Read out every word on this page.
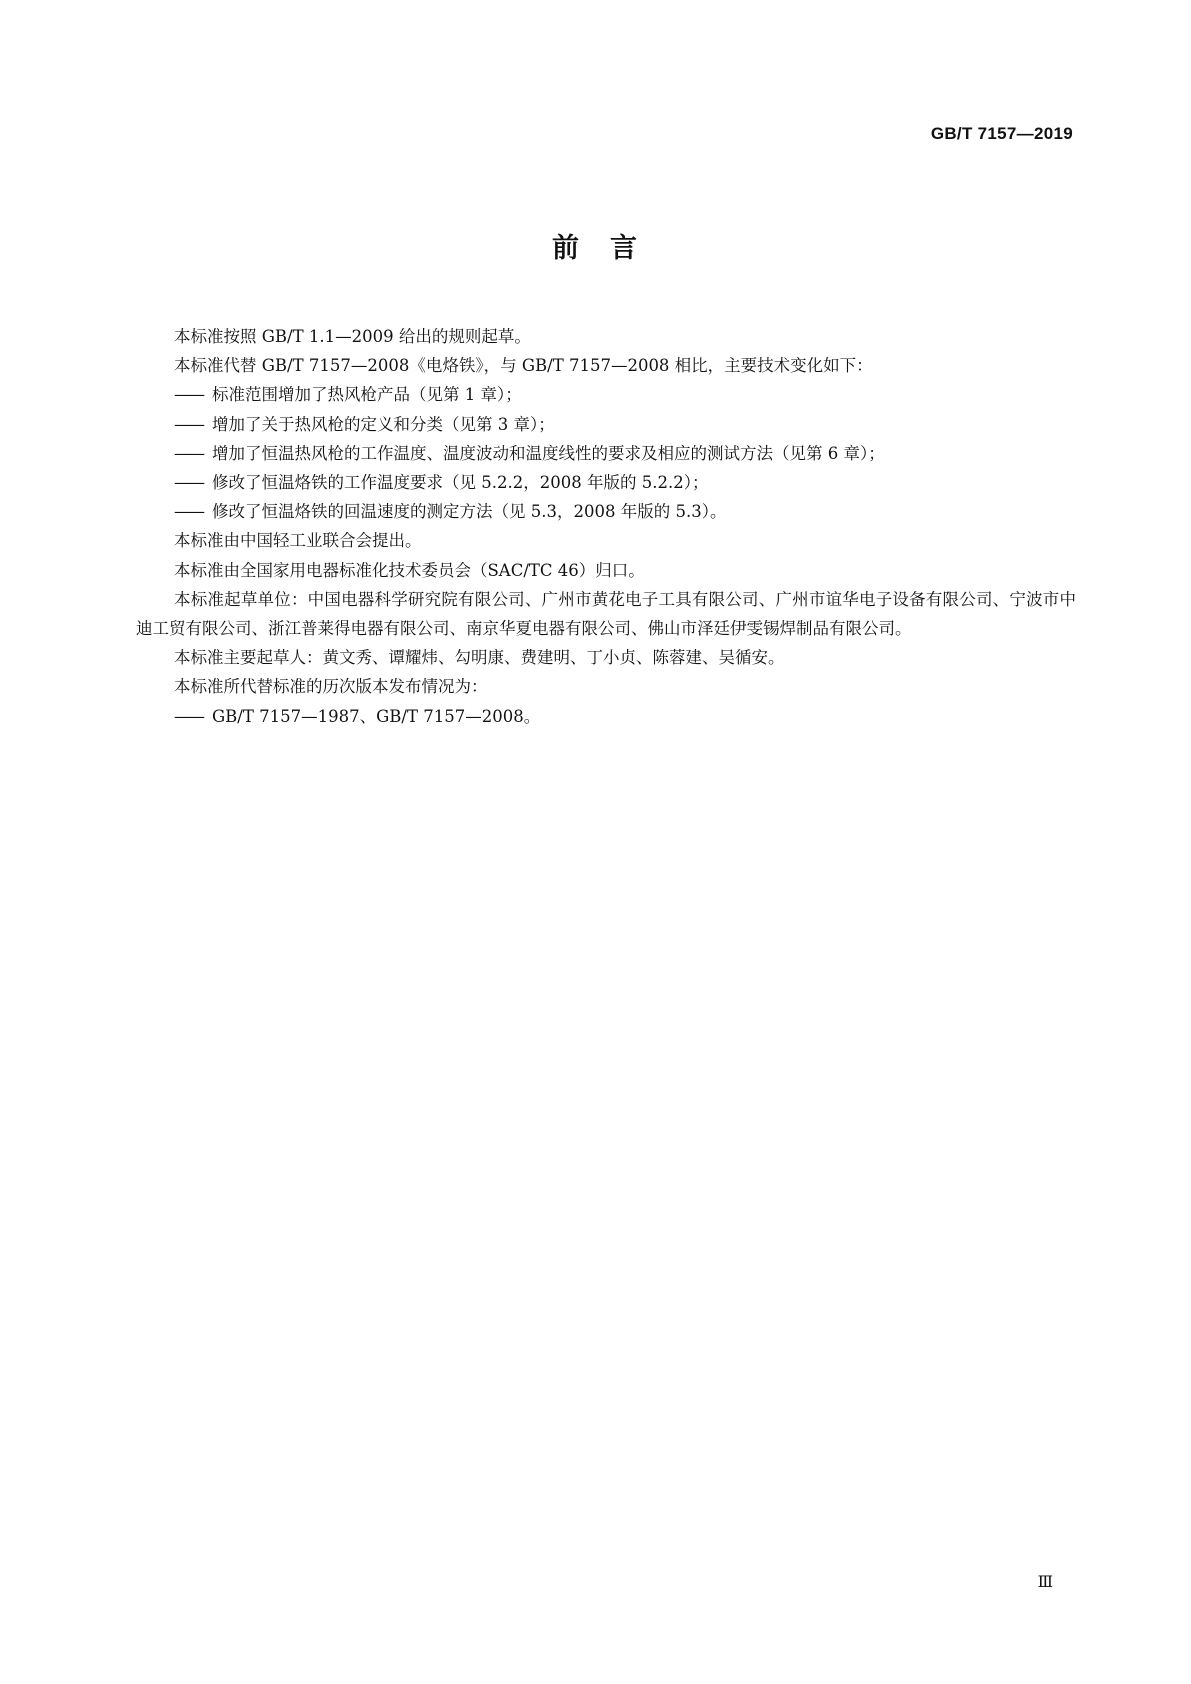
GB/T 7157—2019
前　言

本标准按照 GB/T 1.1—2009 给出的规则起草。

本标准代替 GB/T 7157—2008《电烙铁》，与 GB/T 7157—2008 相比，主要技术变化如下：

—— 标准范围增加了热风枪产品（见第 1 章）；

—— 增加了关于热风枪的定义和分类（见第 3 章）；

—— 增加了恒温热风枪的工作温度、温度波动和温度线性的要求及相应的测试方法（见第 6 章）；

—— 修改了恒温烙铁的工作温度要求（见 5.2.2，2008 年版的 5.2.2）；

—— 修改了恒温烙铁的回温速度的测定方法（见 5.3，2008 年版的 5.3）。

本标准由中国轻工业联合会提出。

本标准由全国家用电器标准化技术委员会（SAC/TC 46）归口。

本标准起草单位：中国电器科学研究院有限公司、广州市黄花电子工具有限公司、广州市谊华电子设备有限公司、宁波市中迪工贸有限公司、浙江普莱得电器有限公司、南京华夏电器有限公司、佛山市泽廷伊雯锡焊制品有限公司。

本标准主要起草人：黄文秀、谭耀炜、勾明康、费建明、丁小贞、陈蓉建、吴循安。

本标准所代替标准的历次版本发布情况为：

—— GB/T 7157—1987、GB/T 7157—2008。

Ⅲ
